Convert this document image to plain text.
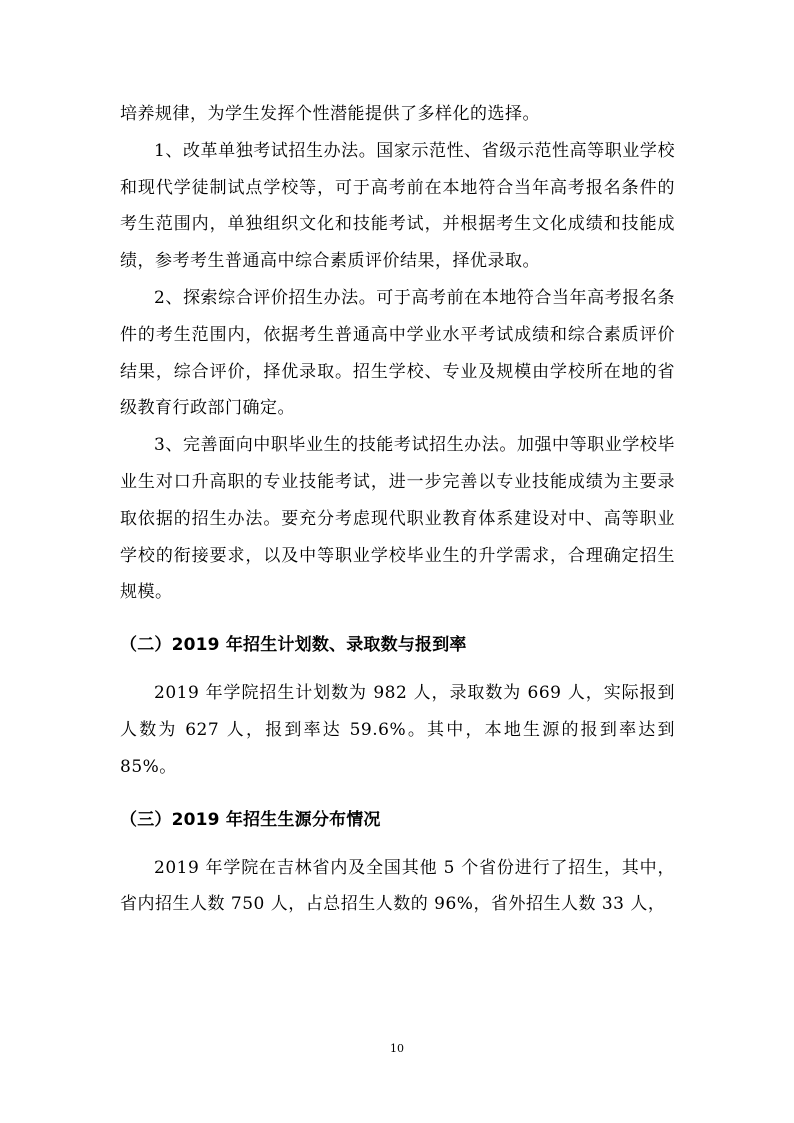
培养规律，为学生发挥个性潜能提供了多样化的选择。

1、改革单独考试招生办法。国家示范性、省级示范性高等职业学校和现代学徒制试点学校等，可于高考前在本地符合当年高考报名条件的考生范围内，单独组织文化和技能考试，并根据考生文化成绩和技能成绩，参考考生普通高中综合素质评价结果，择优录取。

2、探索综合评价招生办法。可于高考前在本地符合当年高考报名条件的考生范围内，依据考生普通高中学业水平考试成绩和综合素质评价结果，综合评价，择优录取。招生学校、专业及规模由学校所在地的省级教育行政部门确定。

3、完善面向中职毕业生的技能考试招生办法。加强中等职业学校毕业生对口升高职的专业技能考试，进一步完善以专业技能成绩为主要录取依据的招生办法。要充分考虑现代职业教育体系建设对中、高等职业学校的衔接要求，以及中等职业学校毕业生的升学需求，合理确定招生规模。

（二）2019 年招生计划数、录取数与报到率

2019 年学院招生计划数为 982 人，录取数为 669 人，实际报到人数为 627 人，报到率达 59.6%。其中，本地生源的报到率达到 85%。

（三）2019 年招生生源分布情况

2019 年学院在吉林省内及全国其他 5 个省份进行了招生，其中，省内招生人数 750 人，占总招生人数的 96%，省外招生人数 33 人，

10
